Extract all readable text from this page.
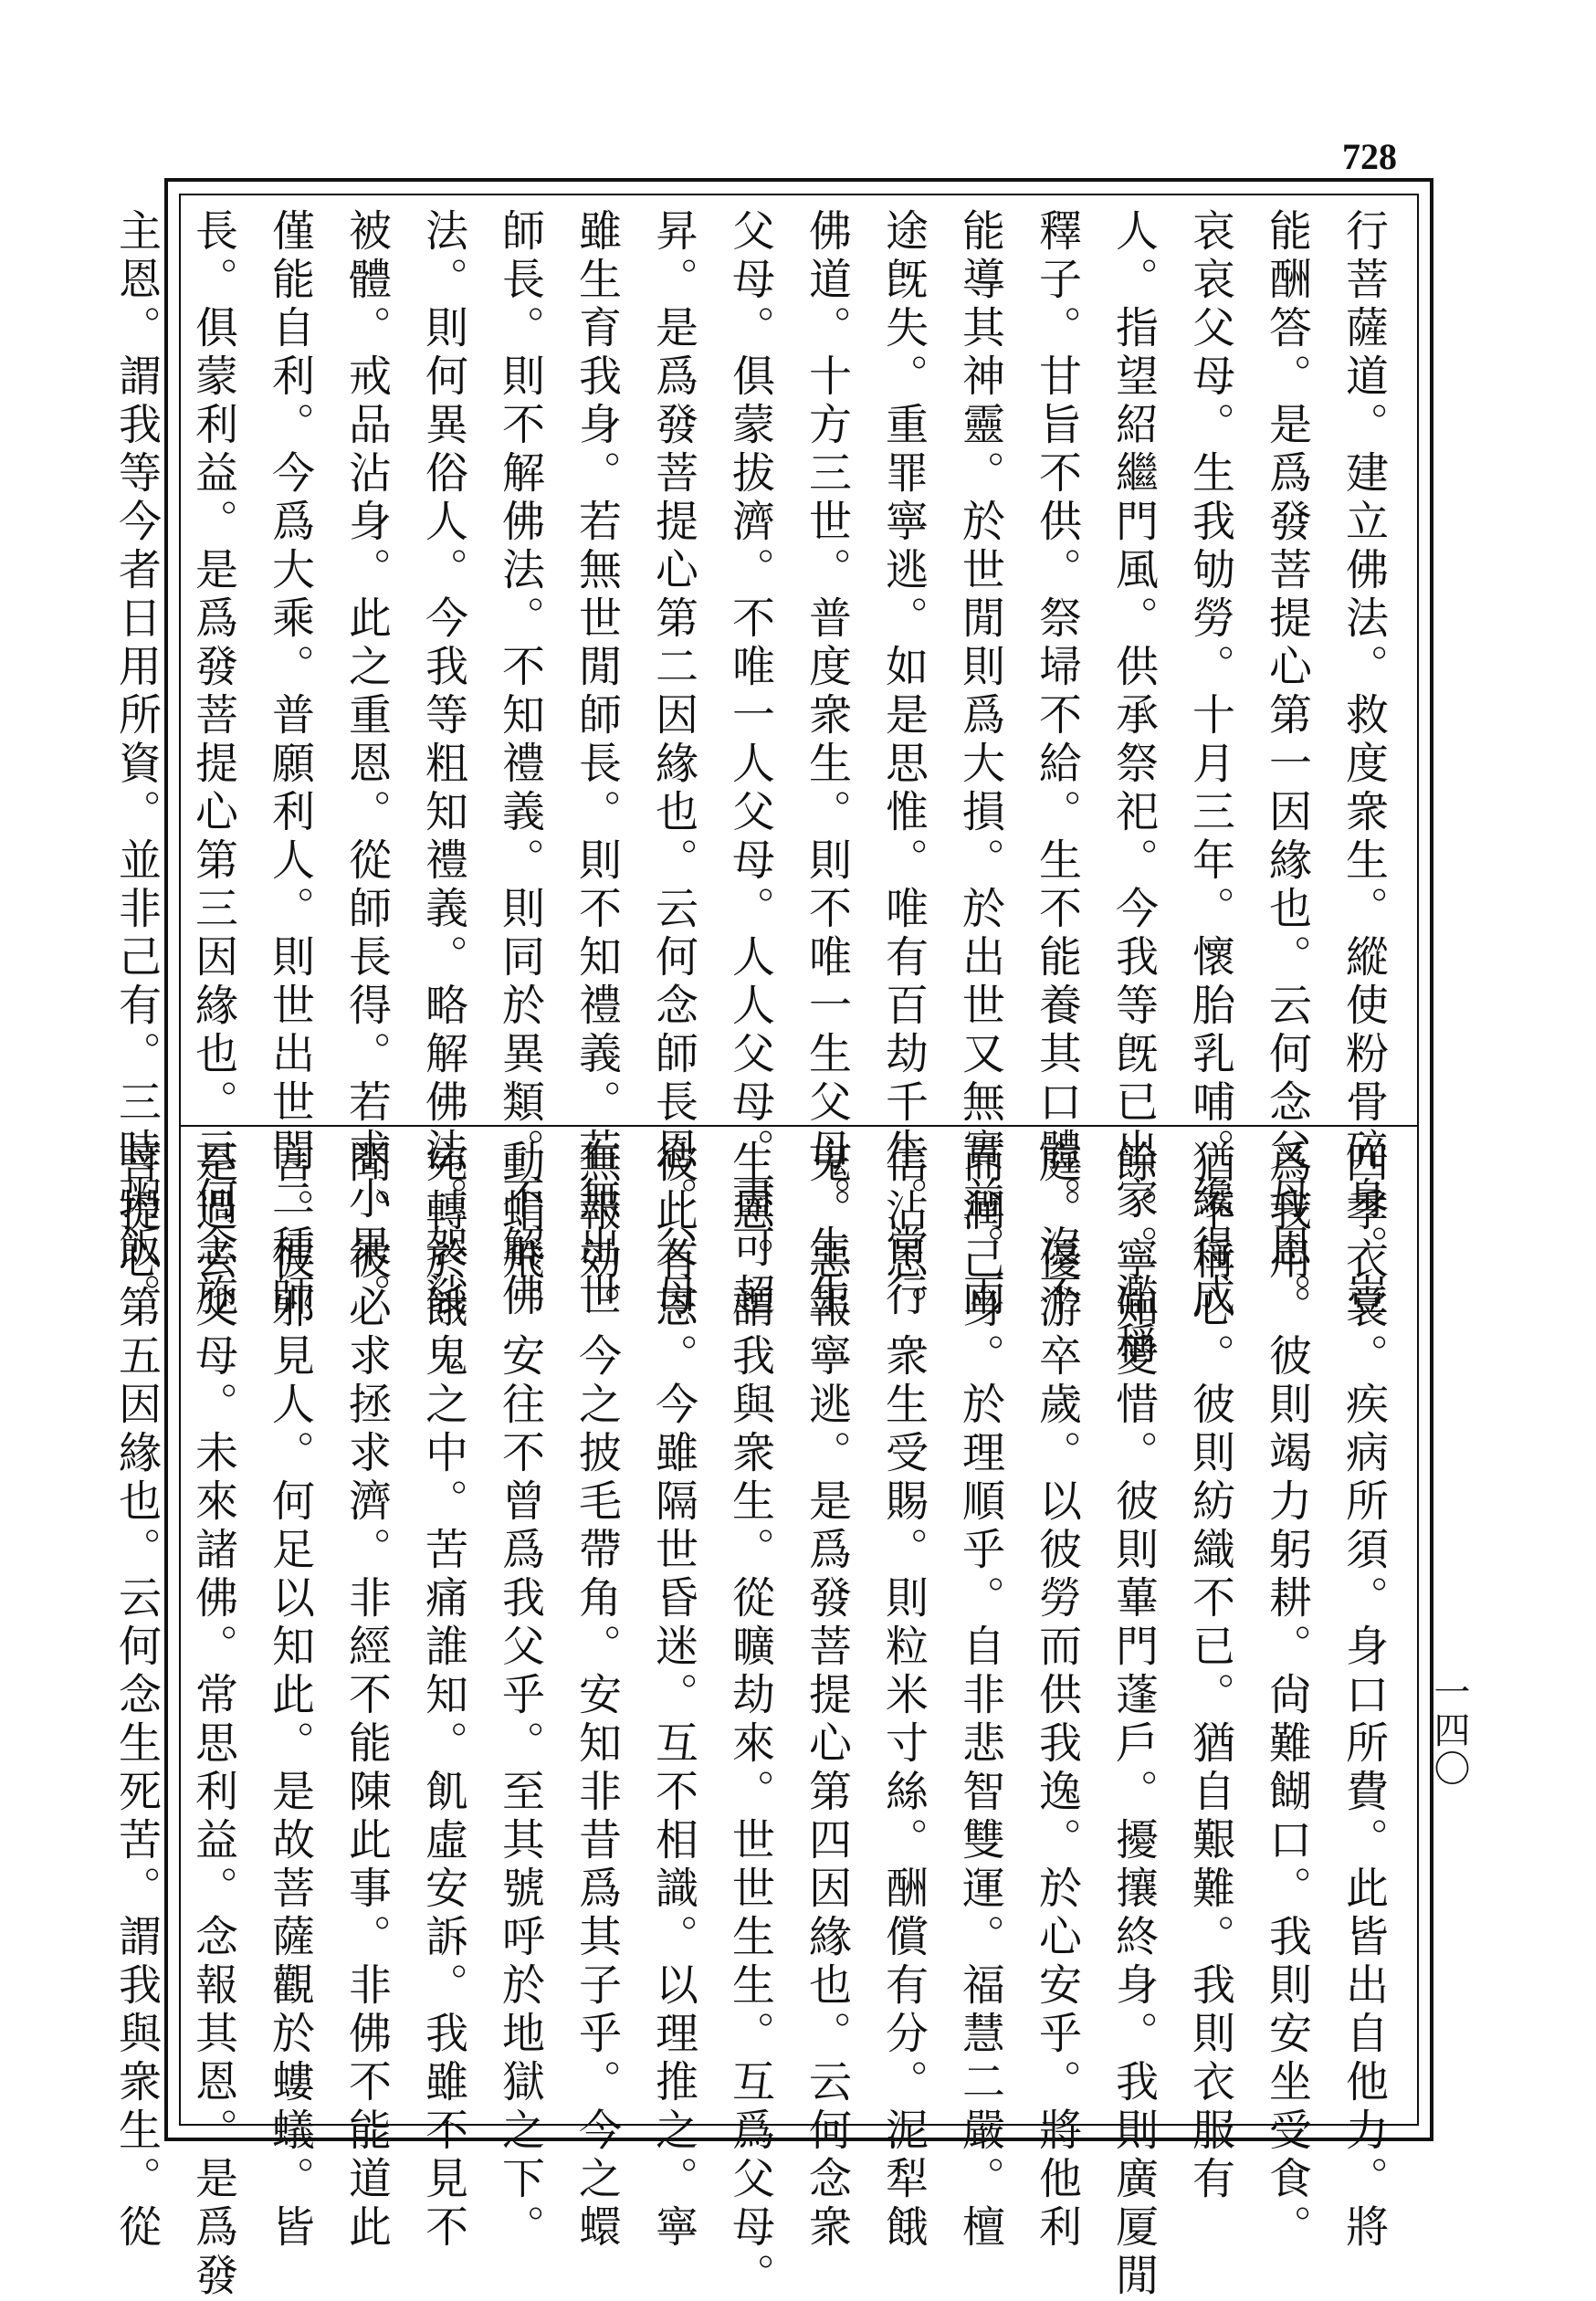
728
行菩薩道。建立佛法。救度衆生。縱使粉骨碎身。豈
能酬答。是爲發菩提心第一因緣也。云何念父母恩。
哀哀父母。生我劬勞。十月三年。懷胎乳哺。纔得成
人。指望紹繼門風。供承祭祀。今我等旣已出家。濫稱
釋子。甘旨不供。祭埽不給。生不能養其口體。沒不
能導其神靈。於世閒則爲大損。於出世又無實益。兩
途旣失。重罪寧逃。如是思惟。唯有百劫千生。常行
佛道。十方三世。普度衆生。則不唯一生父母。生生
父母。俱蒙拔濟。不唯一人父母。人人父母。盡可超
昇。是爲發菩提心第二因緣也。云何念師長恩。父母
雖生育我身。若無世閒師長。則不知禮義。若無出世
師長。則不解佛法。不知禮義。則同於異類。不解佛
法。則何異俗人。今我等粗知禮義。略解佛法。袈裟
被體。戒品沾身。此之重恩。從師長得。若求小果。
僅能自利。今爲大乘。普願利人。則世出世閒二種師
長。俱蒙利益。是爲發菩提心第三因緣也。云何念施
主恩。謂我等今者日用所資。並非己有。三時粥飯。
四季衣裳。疾病所須。身口所費。此皆出自他力。將
爲我用。彼則竭力躬耕。尙難餬口。我則安坐受食。
猶不稱心。彼則紡織不已。猶自艱難。我則衣服有
餘。寧知愛惜。彼則蓽門蓬戶。擾攘終身。我則廣厦閒
庭。優游卒歲。以彼勞而供我逸。於心安乎。將他利
而潤己身。於理順乎。自非悲智雙運。福慧二嚴。檀
信沾恩。衆生受賜。則粒米寸絲。酬償有分。泥犁餓
鬼。惡報寧逃。是爲發菩提心第四因緣也。云何念衆
生恩。謂我與衆生。從曠劫來。世世生生。互爲父母。
彼此有恩。今雖隔世昏迷。互不相識。以理推之。寧
無報効。今之披毛帶角。安知非昔爲其子乎。今之蠉
動蜎飛。安往不曾爲我父乎。至其號呼於地獄之下。
宛轉於餓鬼之中。苦痛誰知。飢虛安訴。我雖不見不
聞。彼必求拯求濟。非經不能陳此事。非佛不能道此
言。彼邪見人。何足以知此。是故菩薩觀於螻蟻。皆
是過去父母。未來諸佛。常思利益。念報其恩。是爲發
菩提心第五因緣也。云何念生死苦。謂我與衆生。從	一四〇
